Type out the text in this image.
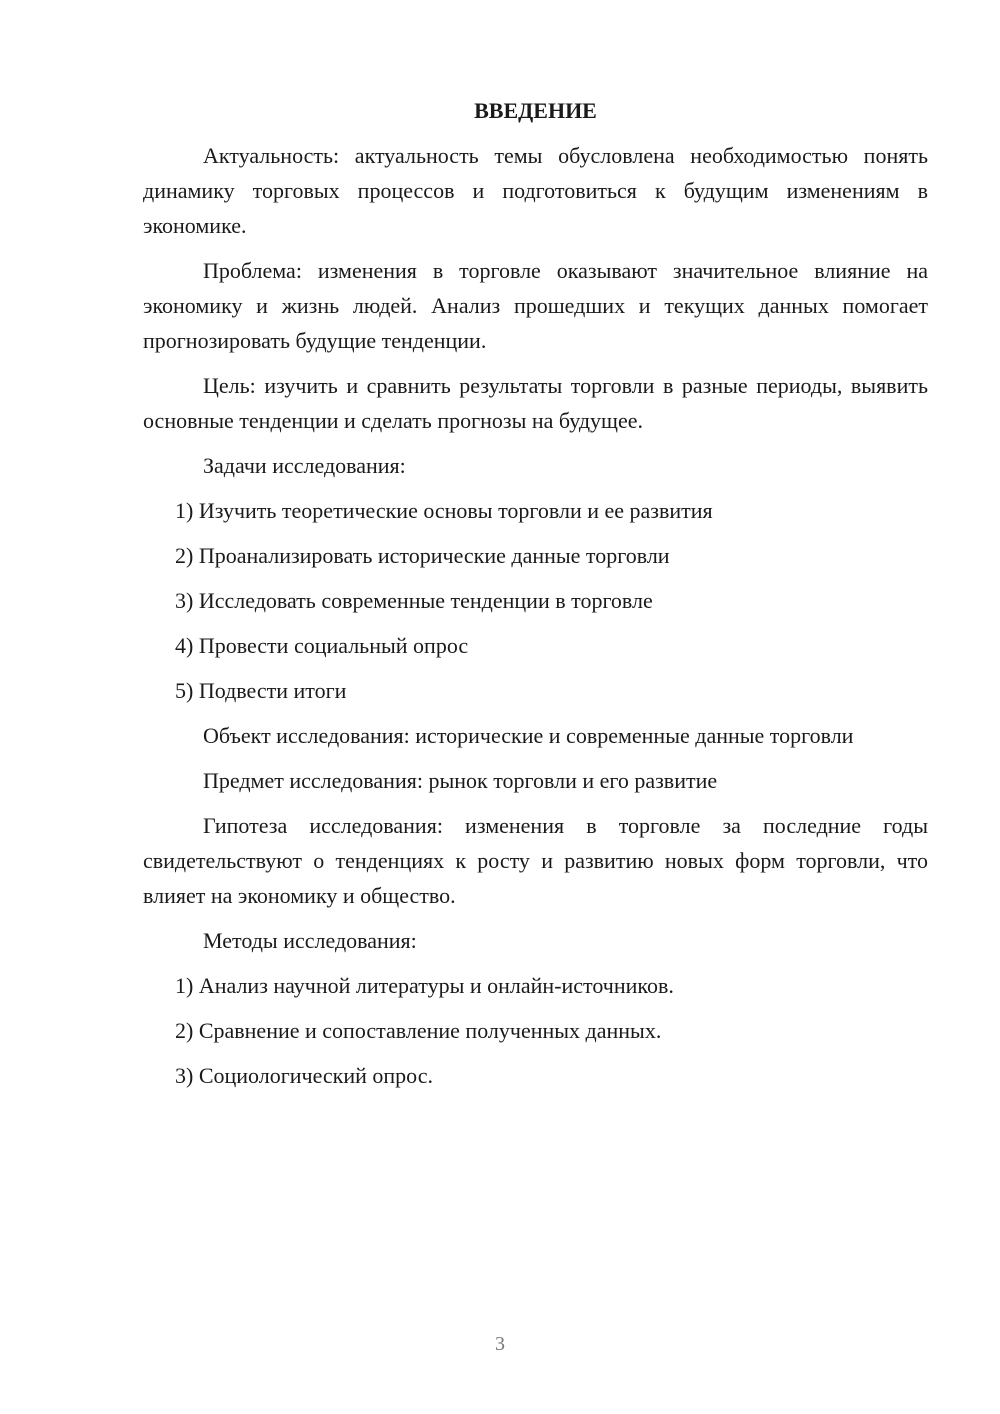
ВВЕДЕНИЕ

Актуальность: актуальность темы обусловлена необходимостью понять динамику торговых процессов и подготовиться к будущим изменениям в экономике.

Проблема: изменения в торговле оказывают значительное влияние на экономику и жизнь людей. Анализ прошедших и текущих данных помогает прогнозировать будущие тенденции.

Цель: изучить и сравнить результаты торговли в разные периоды, выявить основные тенденции и сделать прогнозы на будущее.

Задачи исследования:

1) Изучить теоретические основы торговли и ее развития
2) Проанализировать исторические данные торговли
3) Исследовать современные тенденции в торговле
4) Провести социальный опрос
5) Подвести итоги

Объект исследования: исторические и современные данные торговли

Предмет исследования: рынок торговли и его развитие

Гипотеза исследования: изменения в торговле за последние годы свидетельствуют о тенденциях к росту и развитию новых форм торговли, что влияет на экономику и общество.

Методы исследования:

1) Анализ научной литературы и онлайн-источников.
2) Сравнение и сопоставление полученных данных.
3) Социологический опрос.
3
